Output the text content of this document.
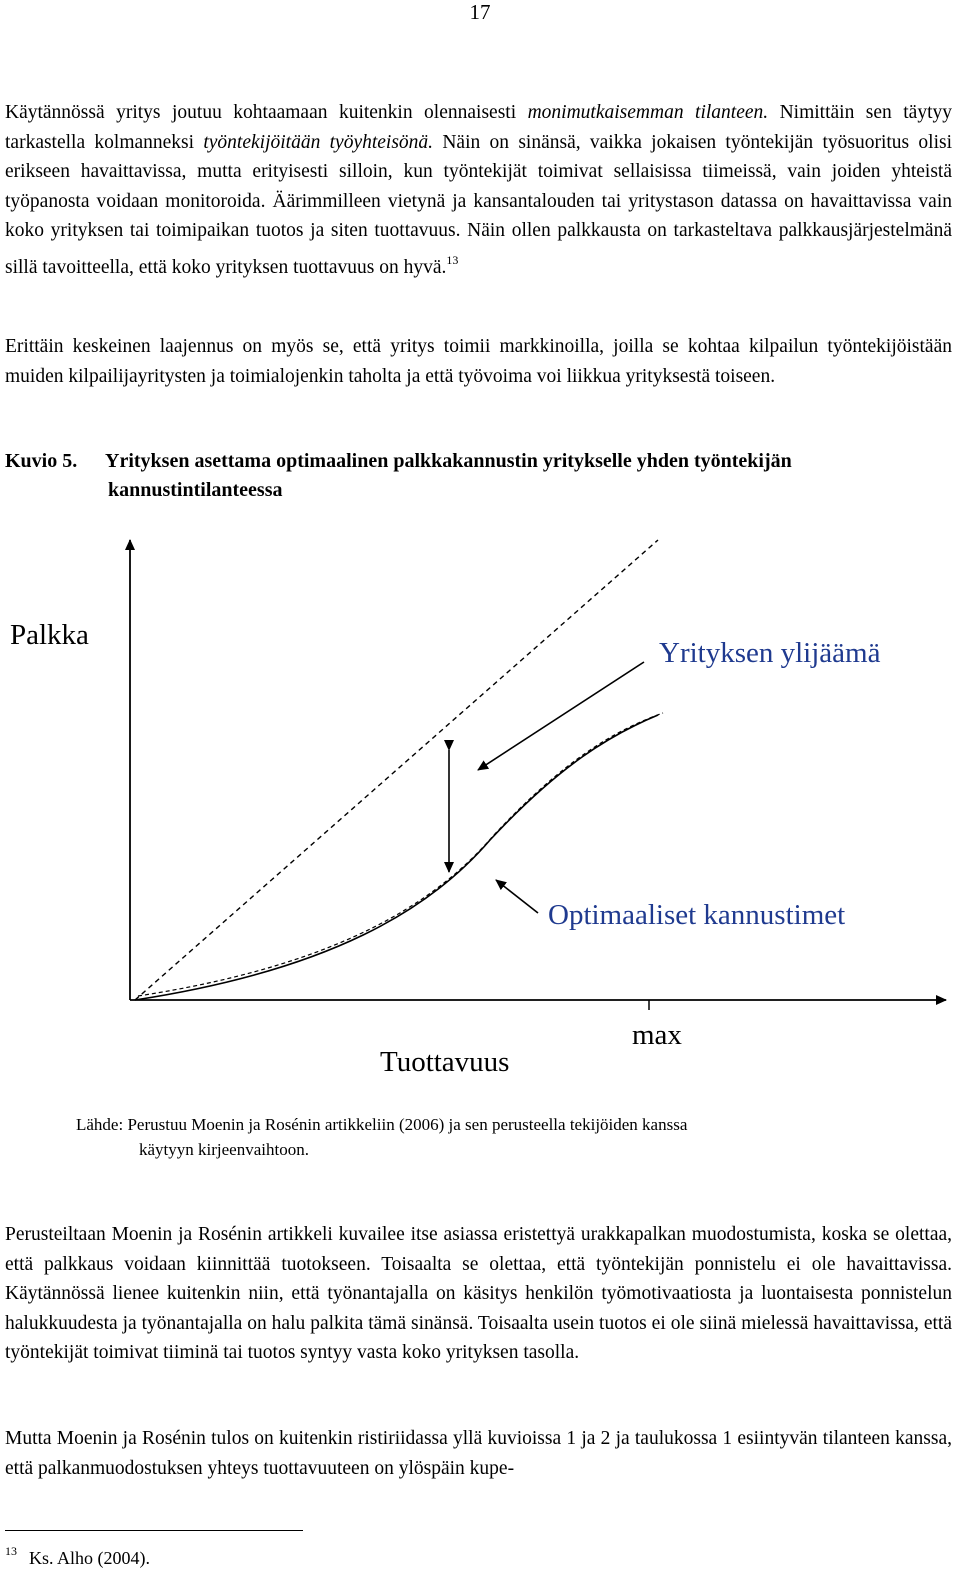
17
Käytännössä yritys joutuu kohtaamaan kuitenkin olennaisesti monimutkaisemman tilanteen. Nimittäin sen täytyy tarkastella kolmanneksi työntekijöitään työyhteisönä. Näin on sinänsä, vaikka jokaisen työntekijän työsuoritus olisi erikseen havaittavissa, mutta erityisesti silloin, kun työntekijät toimivat sellaisissa tiimeissä, vain joiden yhteistä työpanosta voidaan monitoroida. Äärimmilleen vietynä ja kansantalouden tai yritystason datassa on havaittavissa vain koko yrityksen tai toimipaikan tuotos ja siten tuottavuus. Näin ollen palkkausta on tarkasteltava palkkausjärjestelmänä sillä tavoitteella, että koko yrityksen tuottavuus on hyvä.$^{13}$
Erittäin keskeinen laajennus on myös se, että yritys toimii markkinoilla, joilla se kohtaa kilpailun työntekijöistään muiden kilpailijayritysten ja toimialojenkin taholta ja että työvoima voi liikkua yrityksestä toiseen.
Kuvio 5. Yrityksen asettama optimaalinen palkkakannustin yritykselle yhden työntekijän
kannustintilanteessa
Palkka
Tuottavuus
max
Yrityksen ylijäämä
Optimaaliset kannustimet
Lähde: Perustuu Moenin ja Rosénin artikkeliin (2006) ja sen perusteella tekijöiden kanssa
käytyyn kirjeenvaihtoon.
Perusteiltaan Moenin ja Rosénin artikkeli kuvailee itse asiassa eristettyä urakkapalkan muodostumista, koska se olettaa, että palkkaus voidaan kiinnittää tuotokseen. Toisaalta se olettaa, että työntekijän ponnistelu ei ole havaittavissa. Käytännössä lienee kuitenkin niin, että työnantajalla on käsitys henkilön työmotivaatiosta ja luontaisesta ponnistelun halukkuudesta ja työnantajalla on halu palkita tämä sinänsä. Toisaalta usein tuotos ei ole siinä mielessä havaittavissa, että työntekijät toimivat tiiminä tai tuotos syntyy vasta koko yrityksen tasolla.
Mutta Moenin ja Rosénin tulos on kuitenkin ristiriidassa yllä kuvioissa 1 ja 2 ja taulukossa 1 esiintyvän tilanteen kanssa, että palkanmuodostuksen yhteys tuottavuuteen on ylöspäin kupe-
$^{13}$ Ks. Alho (2004).
